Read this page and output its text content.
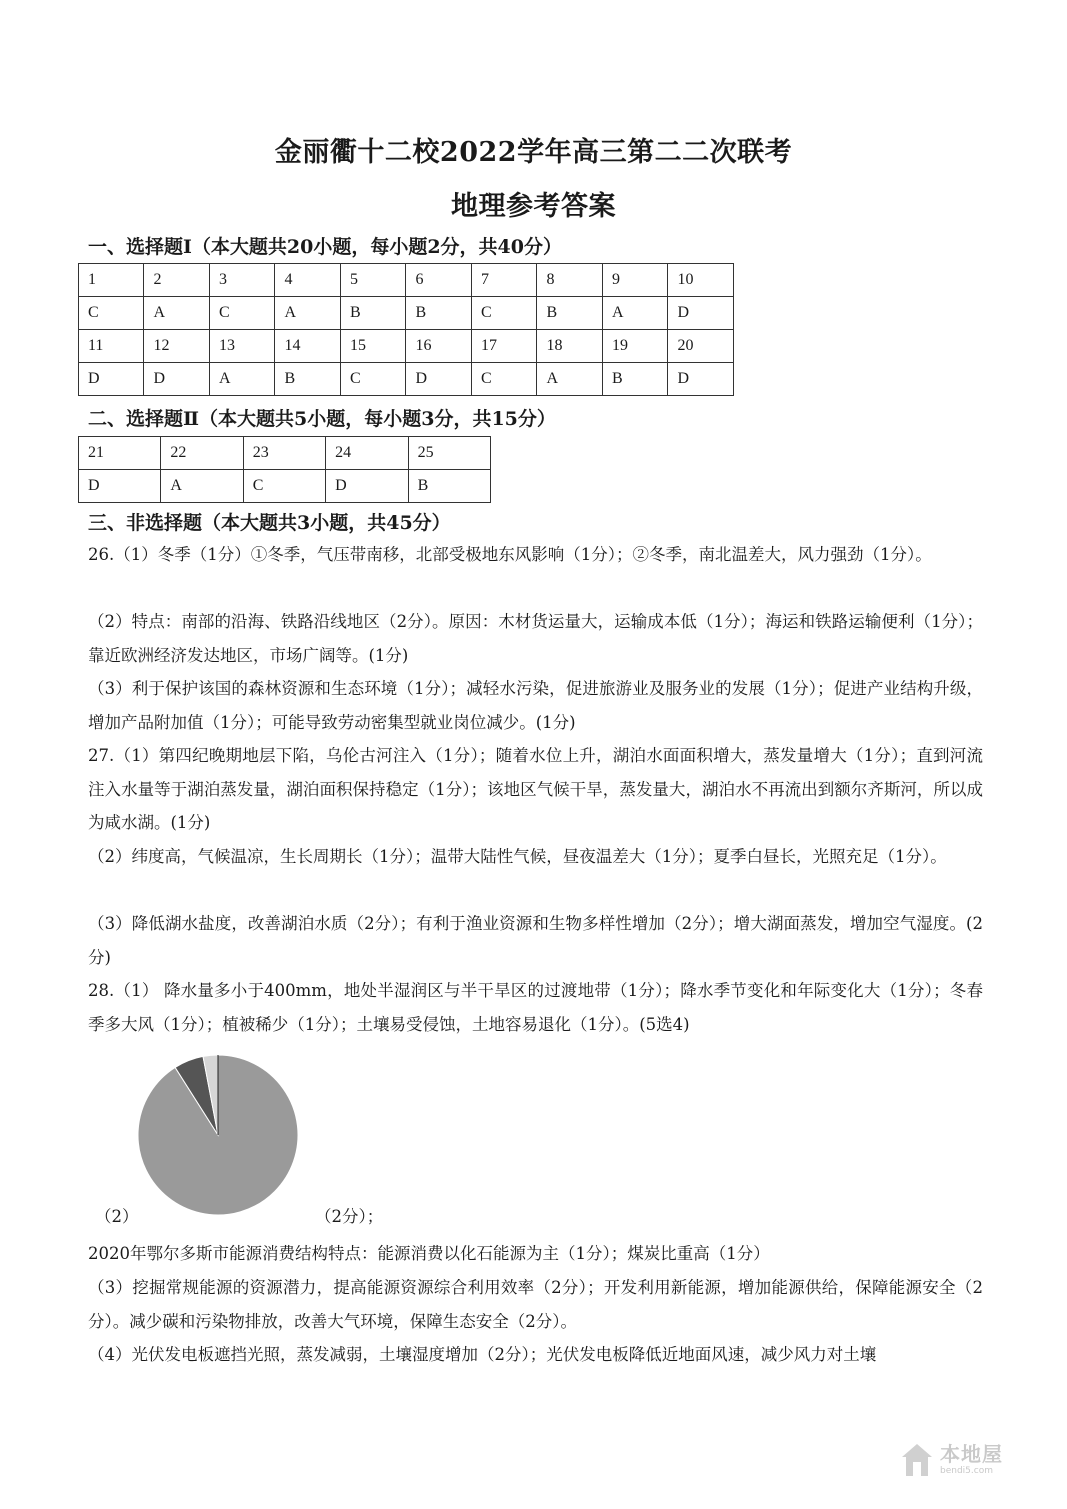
金丽衢十二校2022学年高三第二二次联考
地理参考答案
一、选择题Ⅰ（本大题共20小题，每小题2分，共40分）
1	2	3	4	5	6	7	8	9	10
C	A	C	A	B	B	C	B	A	D
11	12	13	14	15	16	17	18	19	20
D	D	A	B	C	D	C	A	B	D
二、选择题Ⅱ（本大题共5小题，每小题3分，共15分）
21	22	23	24	25
D	A	C	D	B
三、非选择题（本大题共3小题，共45分）
26.（1）冬季（1分）①冬季，气压带南移，北部受极地东风影响（1分）；②冬季，南北温差大，风力强劲（1分）。
（2）特点：南部的沿海、铁路沿线地区（2分）。原因：木材货运量大，运输成本低（1分）；海运和铁路运输便利（1分）；靠近欧洲经济发达地区，市场广阔等。(1分)
（3）利于保护该国的森林资源和生态环境（1分）；减轻水污染，促进旅游业及服务业的发展（1分）；促进产业结构升级，增加产品附加值（1分）；可能导致劳动密集型就业岗位减少。(1分)
27.（1）第四纪晚期地层下陷，乌伦古河注入（1分）；随着水位上升，湖泊水面面积增大，蒸发量增大（1分）；直到河流注入水量等于湖泊蒸发量，湖泊面积保持稳定（1分）；该地区气候干旱，蒸发量大，湖泊水不再流出到额尔齐斯河，所以成为咸水湖。(1分)
（2）纬度高，气候温凉，生长周期长（1分）；温带大陆性气候，昼夜温差大（1分）；夏季白昼长，光照充足（1分）。
（3）降低湖水盐度，改善湖泊水质（2分）；有利于渔业资源和生物多样性增加（2分）；增大湖面蒸发，增加空气湿度。(2分)
28.（1） 降水量多小于400mm，地处半湿润区与半干旱区的过渡地带（1分）；降水季节变化和年际变化大（1分）；冬春季多大风（1分）；植被稀少（1分）；土壤易受侵蚀，土地容易退化（1分）。(5选4)
（2）	（2分）；
2020年鄂尔多斯市能源消费结构特点：能源消费以化石能源为主（1分）；煤炭比重高（1分）
（3）挖掘常规能源的资源潜力，提高能源资源综合利用效率（2分）；开发利用新能源，增加能源供给，保障能源安全（2分）。减少碳和污染物排放，改善大气环境，保障生态安全（2分）。
（4）光伏发电板遮挡光照，蒸发减弱，土壤湿度增加（2分）；光伏发电板降低近地面风速，减少风力对土壤
本地屋
bendi5.com
